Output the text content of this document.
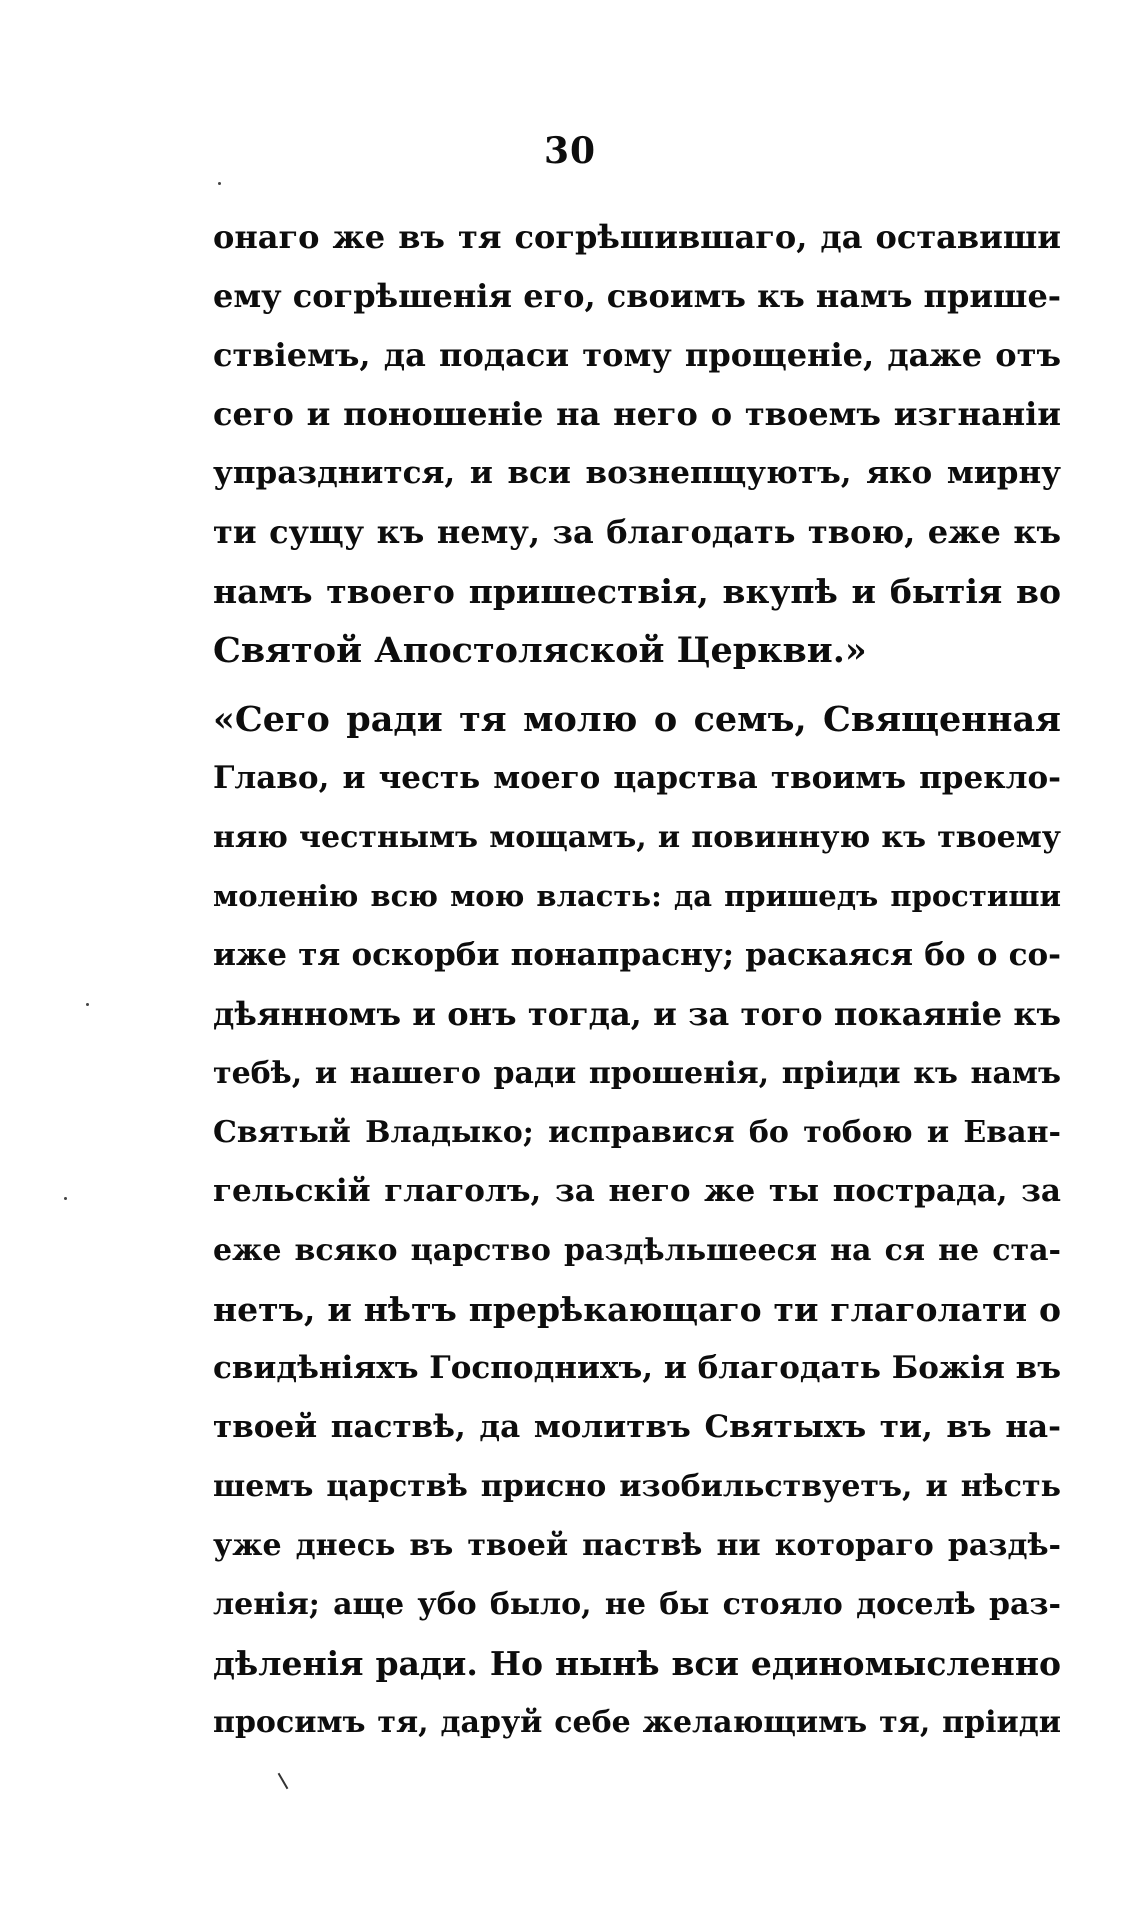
30
онаго же въ тя согрѣшившаго, да оставиши
ему согрѣшенія его, своимъ къ намъ прише-
ствіемъ, да подаси тому прощеніе, даже отъ
сего и поношеніе на него о твоемъ изгнаніи
упразднится, и вси вознепщуютъ, яко мирну
ти сущу къ нему, за благодать твою, еже къ
намъ твоего пришествія, вкупѣ и бытія во
Святой Апостоляской Церкви.»
«Сего ради тя молю о семъ, Священная
Главо, и честь моего царства твоимъ прекло-
няю честнымъ мощамъ, и повинную къ твоему
моленію всю мою власть: да пришедъ простиши
иже тя оскорби понапрасну; раскаяся бо о со-
дѣянномъ и онъ тогда, и за того покаяніе къ
тебѣ, и нашего ради прошенія, пріиди къ намъ
Святый Владыко; исправися бо тобою и Еван-
гельскій глаголъ, за него же ты пострада, за
еже всяко царство раздѣльшееся на ся не ста-
нетъ, и нѣтъ прерѣкающаго ти глаголати о
свидѣніяхъ Господнихъ, и благодать Божія въ
твоей паствѣ, да молитвъ Святыхъ ти, въ на-
шемъ царствѣ присно изобильствуетъ, и нѣсть
уже днесь въ твоей паствѣ ни котораго раздѣ-
ленія; аще убо было, не бы стояло доселѣ раз-
дѣленія ради. Но нынѣ вси единомысленно
просимъ тя, даруй себе желающимъ тя, пріиди
